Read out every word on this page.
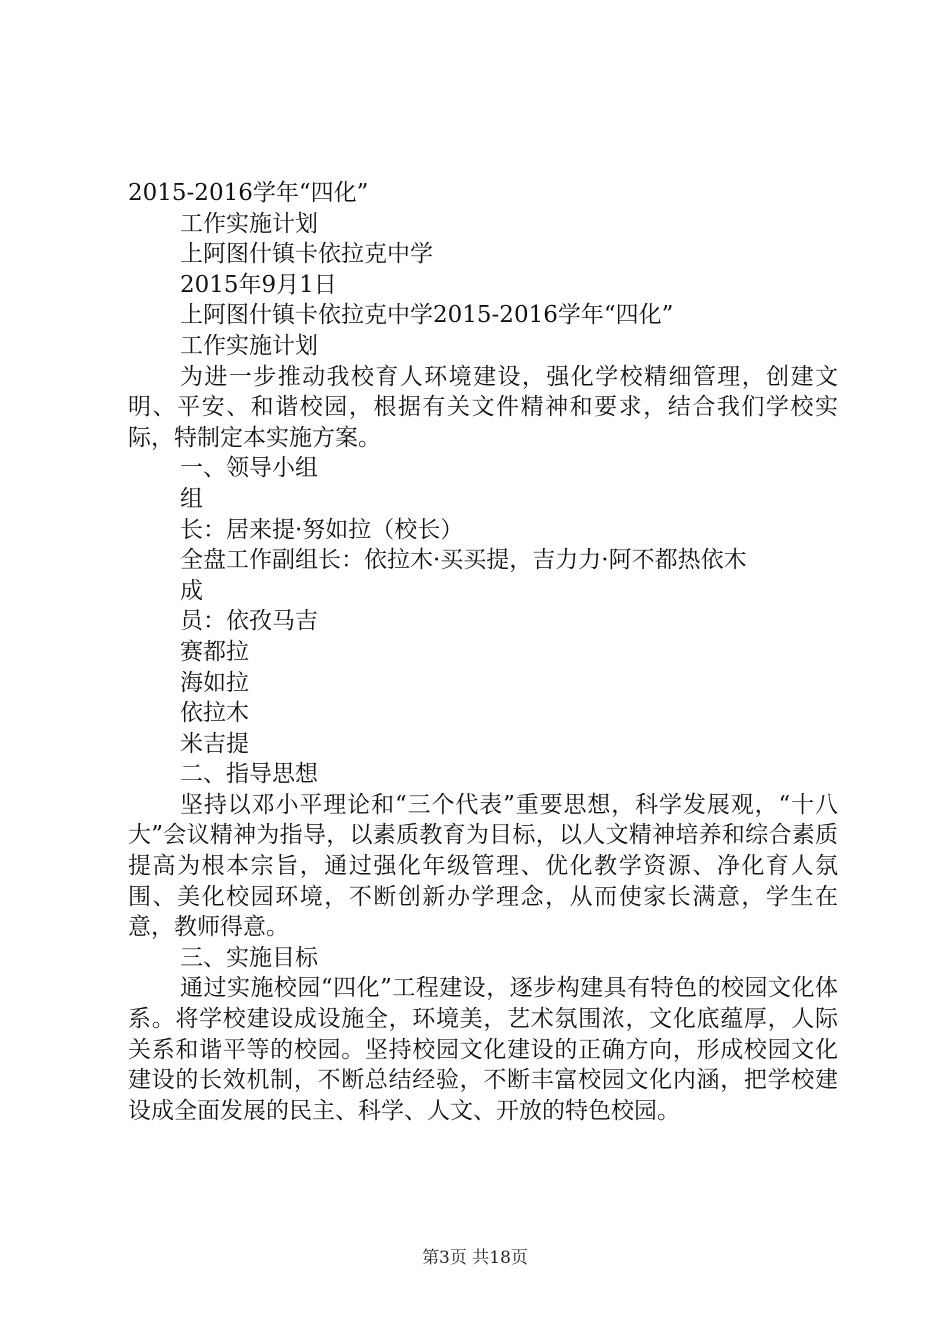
2015-2016学年“四化”

工作实施计划

上阿图什镇卡依拉克中学

2015年9月1日

上阿图什镇卡依拉克中学2015-2016学年“四化”

工作实施计划

为进一步推动我校育人环境建设，强化学校精细管理，创建文明、平安、和谐校园，根据有关文件精神和要求，结合我们学校实际，特制定本实施方案。

一、领导小组

组

长：居来提·努如拉（校长）

全盘工作副组长：依拉木·买买提，吉力力·阿不都热依木

成

员：依孜马吉

赛都拉

海如拉

依拉木

米吉提

二、指导思想

坚持以邓小平理论和“三个代表”重要思想，科学发展观，“十八大”会议精神为指导，以素质教育为目标，以人文精神培养和综合素质提高为根本宗旨，通过强化年级管理、优化教学资源、净化育人氛围、美化校园环境，不断创新办学理念，从而使家长满意，学生在意，教师得意。

三、实施目标

通过实施校园“四化”工程建设，逐步构建具有特色的校园文化体系。将学校建设成设施全，环境美，艺术氛围浓，文化底蕴厚，人际关系和谐平等的校园。坚持校园文化建设的正确方向，形成校园文化建设的长效机制，不断总结经验，不断丰富校园文化内涵，把学校建设成全面发展的民主、科学、人文、开放的特色校园。

第3页 共18页
